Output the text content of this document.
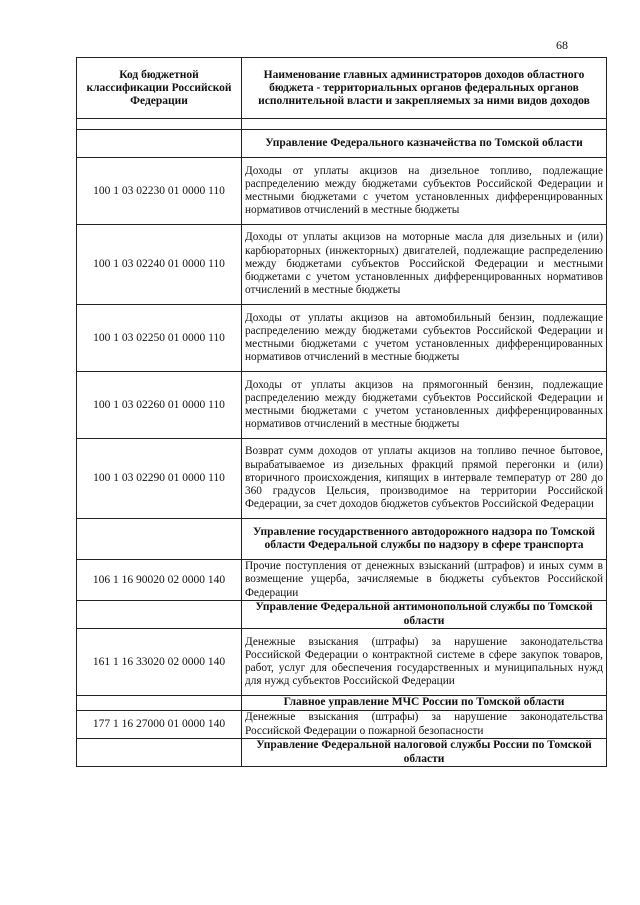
68
Код бюджетной классификации Российской Федерации	Наименование главных администраторов доходов областного бюджета - территориальных органов федеральных органов исполнительной власти и закрепляемых за ними видов доходов

	Управление Федерального казначейства по Томской области
100 1 03 02230 01 0000 110	Доходы от уплаты акцизов на дизельное топливо, подлежащие распределению между бюджетами субъектов Российской Федерации и местными бюджетами с учетом установленных дифференцированных нормативов отчислений в местные бюджеты
100 1 03 02240 01 0000 110	Доходы от уплаты акцизов на моторные масла для дизельных и (или) карбюраторных (инжекторных) двигателей, подлежащие распределению между бюджетами субъектов Российской Федерации и местными бюджетами с учетом установленных дифференцированных нормативов отчислений в местные бюджеты
100 1 03 02250 01 0000 110	Доходы от уплаты акцизов на автомобильный бензин, подлежащие распределению между бюджетами субъектов Российской Федерации и местными бюджетами с учетом установленных дифференцированных нормативов отчислений в местные бюджеты
100 1 03 02260 01 0000 110	Доходы от уплаты акцизов на прямогонный бензин, подлежащие распределению между бюджетами субъектов Российской Федерации и местными бюджетами с учетом установленных дифференцированных нормативов отчислений в местные бюджеты
100 1 03 02290 01 0000 110	Возврат сумм доходов от уплаты акцизов на топливо печное бытовое, вырабатываемое из дизельных фракций прямой перегонки и (или) вторичного происхождения, кипящих в интервале температур от 280 до 360 градусов Цельсия, производимое на территории Российской Федерации, за счет доходов бюджетов субъектов Российской Федерации
	Управление государственного автодорожного надзора по Томской области Федеральной службы по надзору в сфере транспорта
106 1 16 90020 02 0000 140	Прочие поступления от денежных взысканий (штрафов) и иных сумм в возмещение ущерба, зачисляемые в бюджеты субъектов Российской Федерации
	Управление Федеральной антимонопольной службы по Томской области
161 1 16 33020 02 0000 140	Денежные взыскания (штрафы) за нарушение законодательства Российской Федерации о контрактной системе в сфере закупок товаров, работ, услуг для обеспечения государственных и муниципальных нужд для нужд субъектов Российской Федерации
	Главное управление МЧС России по Томской области
177 1 16 27000 01 0000 140	Денежные взыскания (штрафы) за нарушение законодательства Российской Федерации о пожарной безопасности
	Управление Федеральной налоговой службы России по Томской области
